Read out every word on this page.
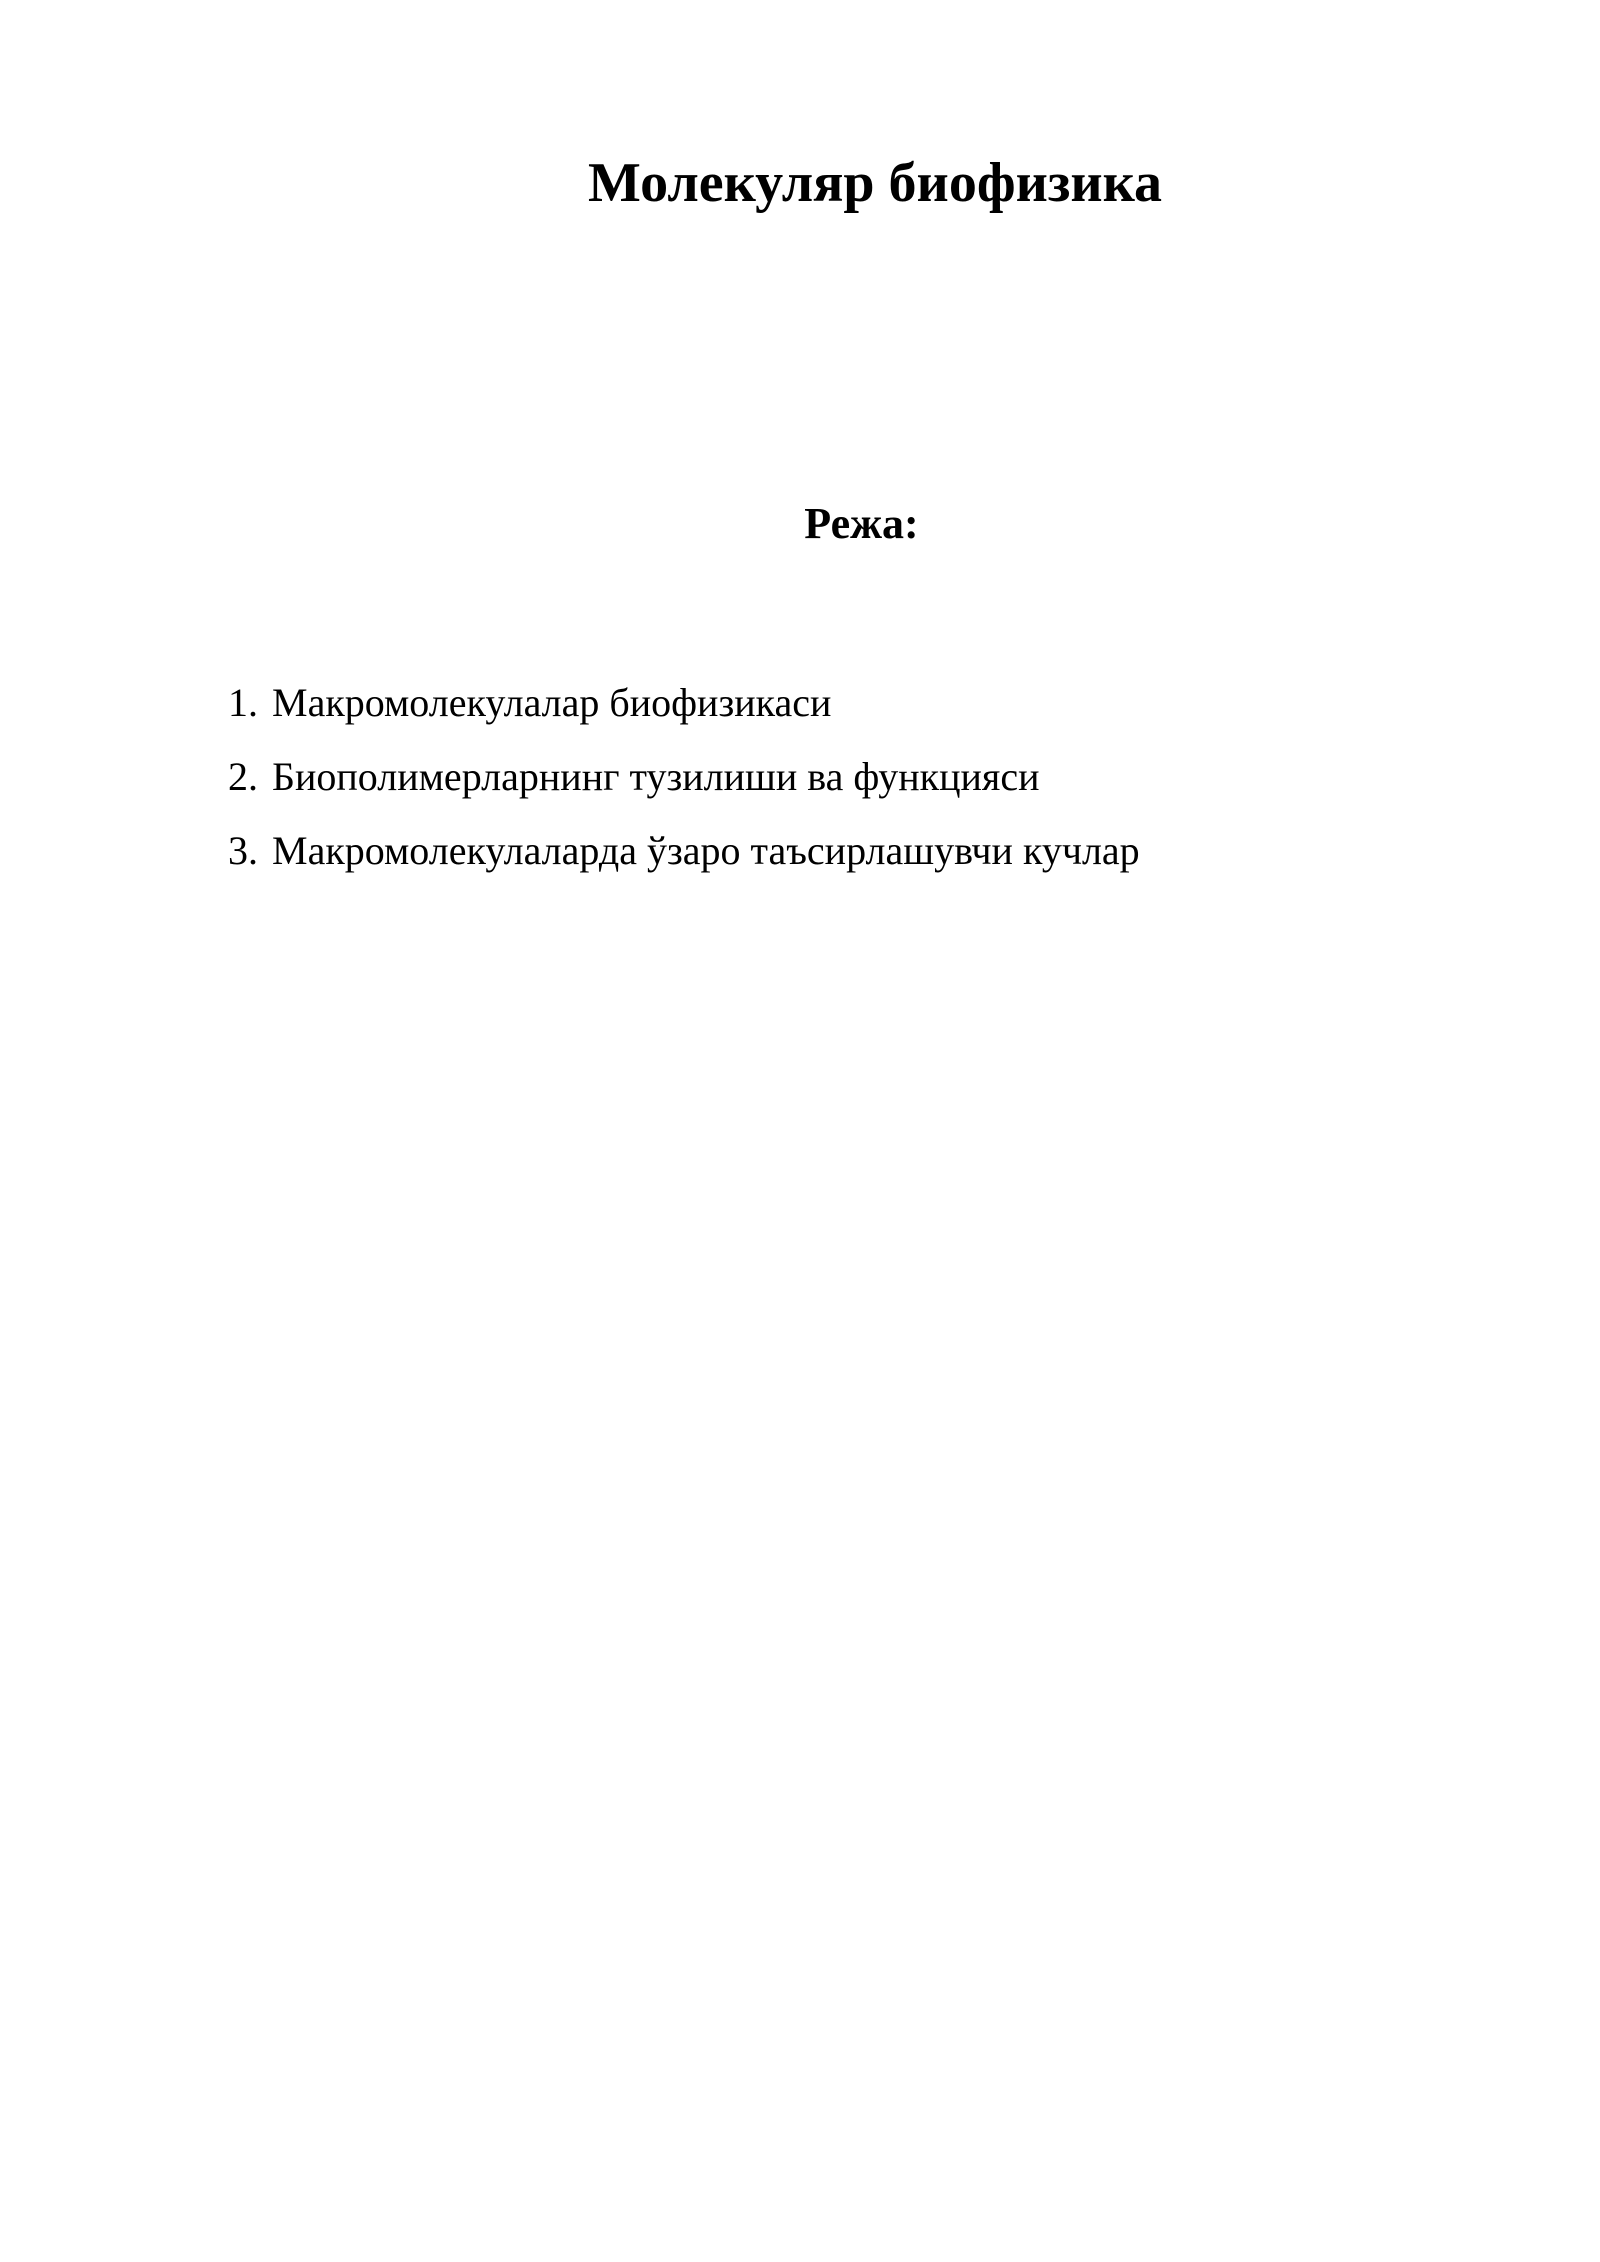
Молекуляр биофизика
Режа:
1. Макромолекулалар биофизикаси
2. Биополимерларнинг тузилиши ва функцияси
3. Макромолекулаларда ўзаро таъсирлашувчи кучлар
